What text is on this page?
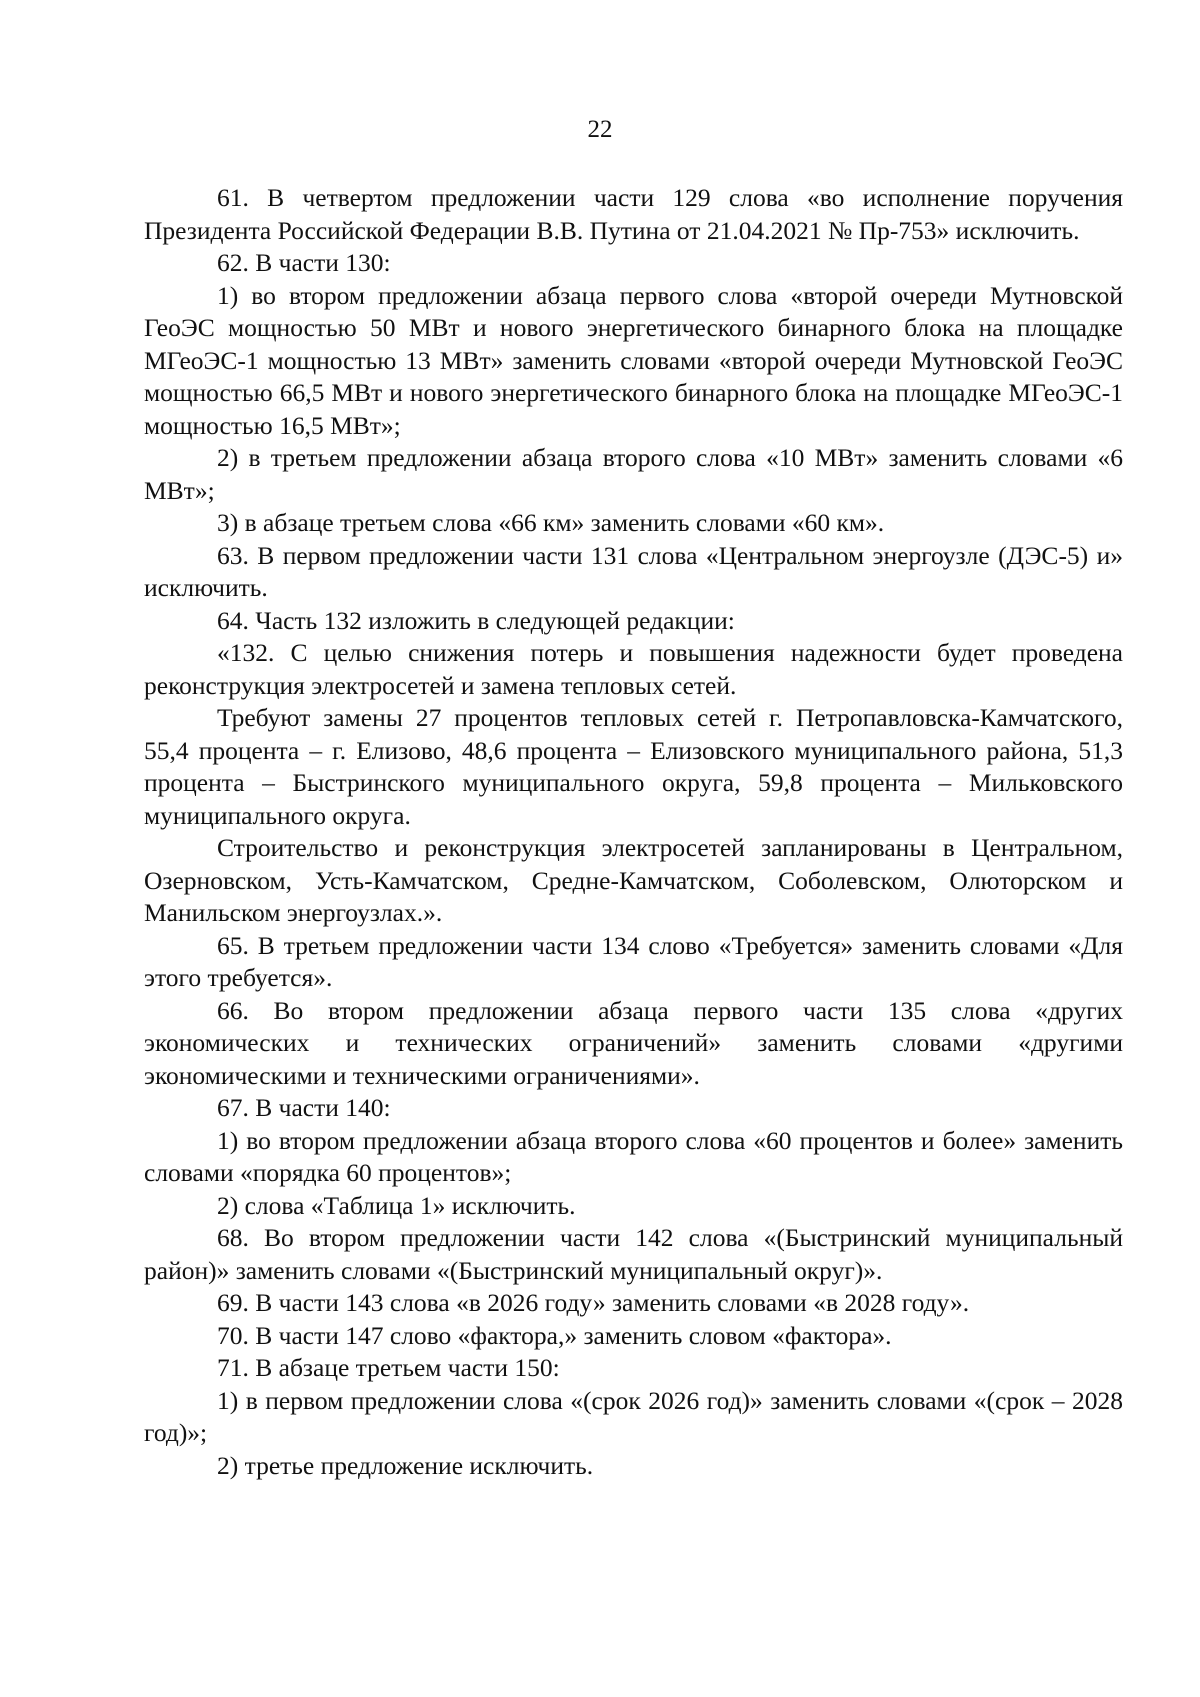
22

61. В четвертом предложении части 129 слова «во исполнение поручения Президента Российской Федерации В.В. Путина от 21.04.2021 № Пр-753» исключить.

62. В части 130:

1) во втором предложении абзаца первого слова «второй очереди Мутновской ГеоЭС мощностью 50 МВт и нового энергетического бинарного блока на площадке МГеоЭС-1 мощностью 13 МВт» заменить словами «второй очереди Мутновской ГеоЭС мощностью 66,5 МВт и нового энергетического бинарного блока на площадке МГеоЭС-1 мощностью 16,5 МВт»;

2) в третьем предложении абзаца второго слова «10 МВт» заменить словами «6 МВт»;

3) в абзаце третьем слова «66 км» заменить словами «60 км».

63. В первом предложении части 131 слова «Центральном энергоузле (ДЭС-5) и» исключить.

64. Часть 132 изложить в следующей редакции:

«132. С целью снижения потерь и повышения надежности будет проведена реконструкция электросетей и замена тепловых сетей.

Требуют замены 27 процентов тепловых сетей г. Петропавловска-Камчатского, 55,4 процента – г. Елизово, 48,6 процента – Елизовского муниципального района, 51,3 процента – Быстринского муниципального округа, 59,8 процента – Мильковского муниципального округа.

Строительство и реконструкция электросетей запланированы в Центральном, Озерновском, Усть-Камчатском, Средне-Камчатском, Соболевском, Олюторском и Манильском энергоузлах.».

65. В третьем предложении части 134 слово «Требуется» заменить словами «Для этого требуется».

66. Во втором предложении абзаца первого части 135 слова «других экономических и технических ограничений» заменить словами «другими экономическими и техническими ограничениями».

67. В части 140:

1) во втором предложении абзаца второго слова «60 процентов и более» заменить словами «порядка 60 процентов»;

2) слова «Таблица 1» исключить.

68. Во втором предложении части 142 слова «(Быстринский муниципальный район)» заменить словами «(Быстринский муниципальный округ)».

69. В части 143 слова «в 2026 году» заменить словами «в 2028 году».

70. В части 147 слово «фактора,» заменить словом «фактора».

71. В абзаце третьем части 150:

1) в первом предложении слова «(срок 2026 год)» заменить словами «(срок – 2028 год)»;

2) третье предложение исключить.
